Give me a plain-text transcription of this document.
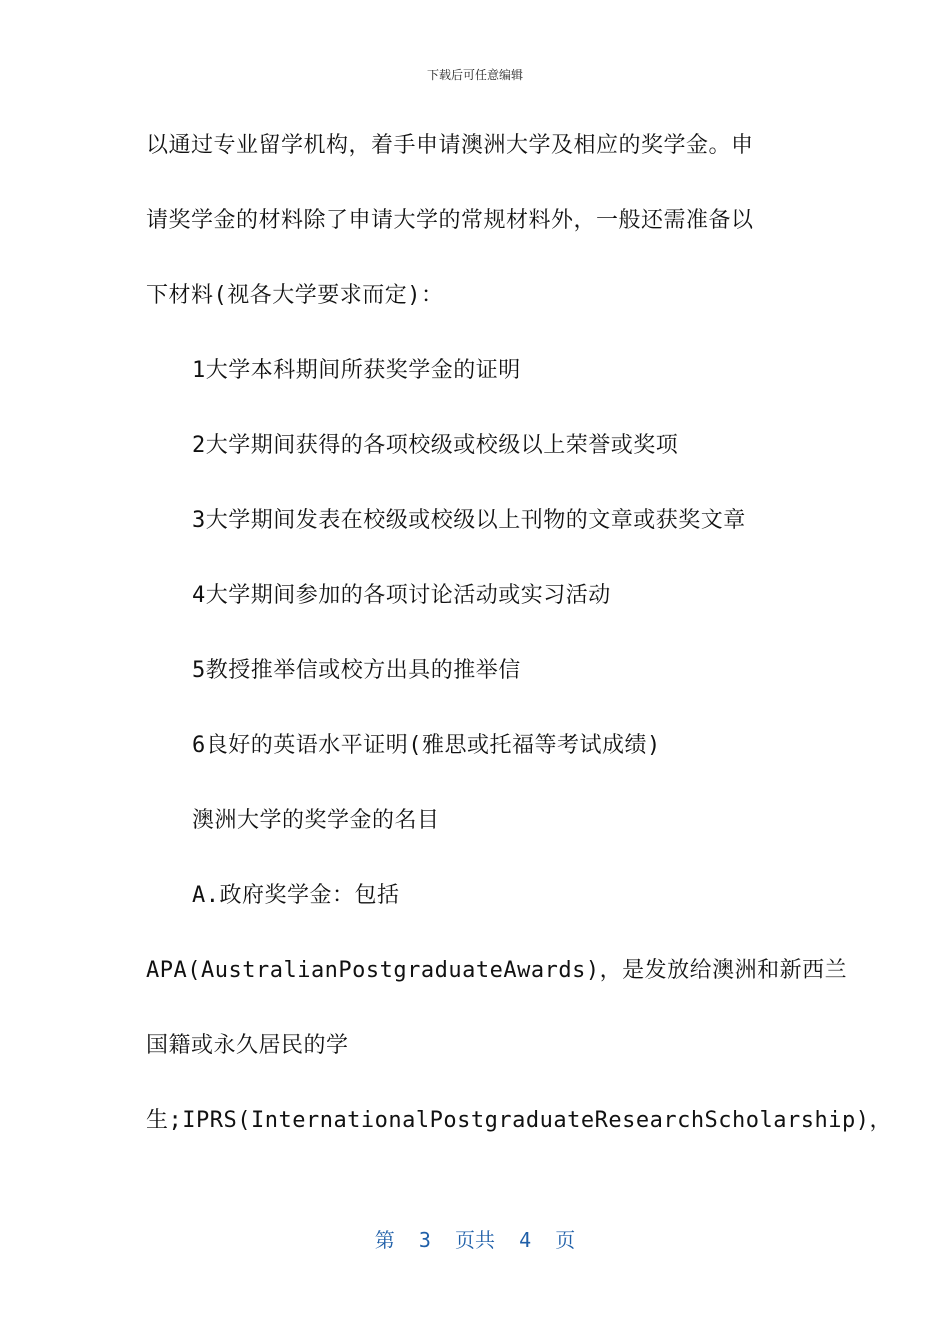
下载后可任意编辑
以通过专业留学机构，着手申请澳洲大学及相应的奖学金。申
请奖学金的材料除了申请大学的常规材料外，一般还需准备以
下材料(视各大学要求而定)：
1大学本科期间所获奖学金的证明
2大学期间获得的各项校级或校级以上荣誉或奖项
3大学期间发表在校级或校级以上刊物的文章或获奖文章
4大学期间参加的各项讨论活动或实习活动
5教授推举信或校方出具的推举信
6良好的英语水平证明(雅思或托福等考试成绩)
澳洲大学的奖学金的名目
A.政府奖学金：包括
APA(AustralianPostgraduateAwards)，是发放给澳洲和新西兰
国籍或永久居民的学
生;IPRS(InternationalPostgraduateResearchScholarship)，
第  3  页共  4  页
